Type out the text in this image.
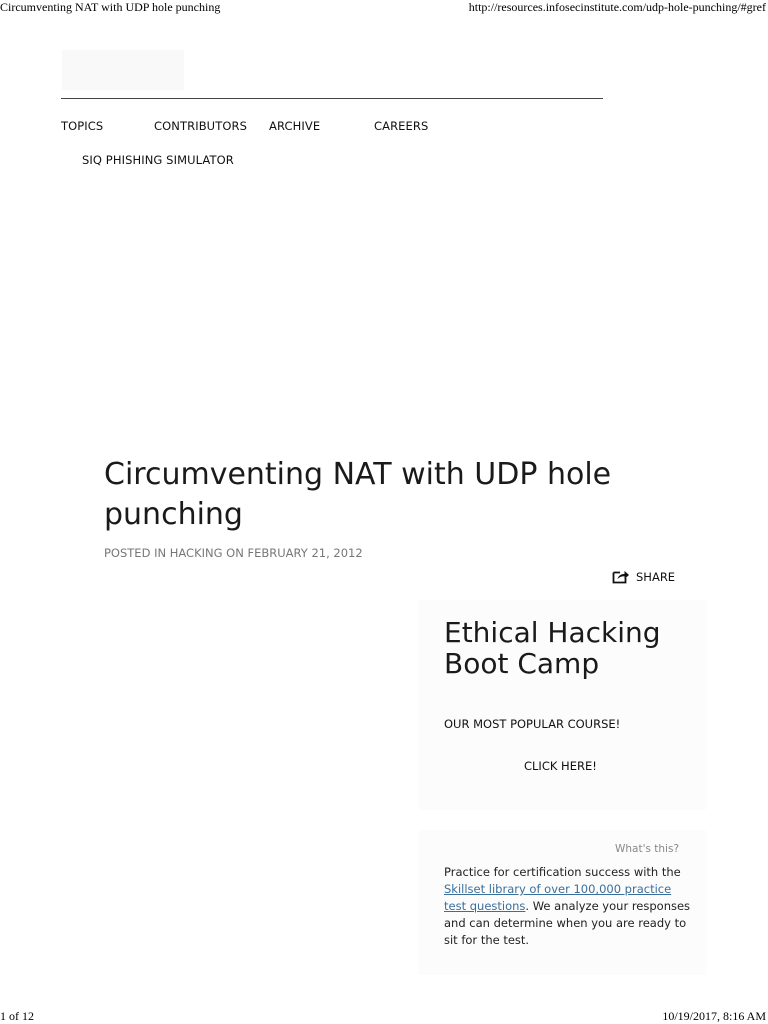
Circumventing NAT with UDP hole punching	http://resources.infosecinstitute.com/udp-hole-punching/#gref
TOPICS	CONTRIBUTORS ARCHIVE	CAREERS
SIQ PHISHING SIMULATOR
Circumventing NAT with UDP hole punching
POSTED IN HACKING ON FEBRUARY 21, 2012
SHARE
Ethical Hacking Boot Camp
OUR MOST POPULAR COURSE!
CLICK HERE!
What's this?
Practice for certification success with the Skillset library of over 100,000 practice test questions. We analyze your responses and can determine when you are ready to sit for the test.
1 of 12	10/19/2017, 8:16 AM
